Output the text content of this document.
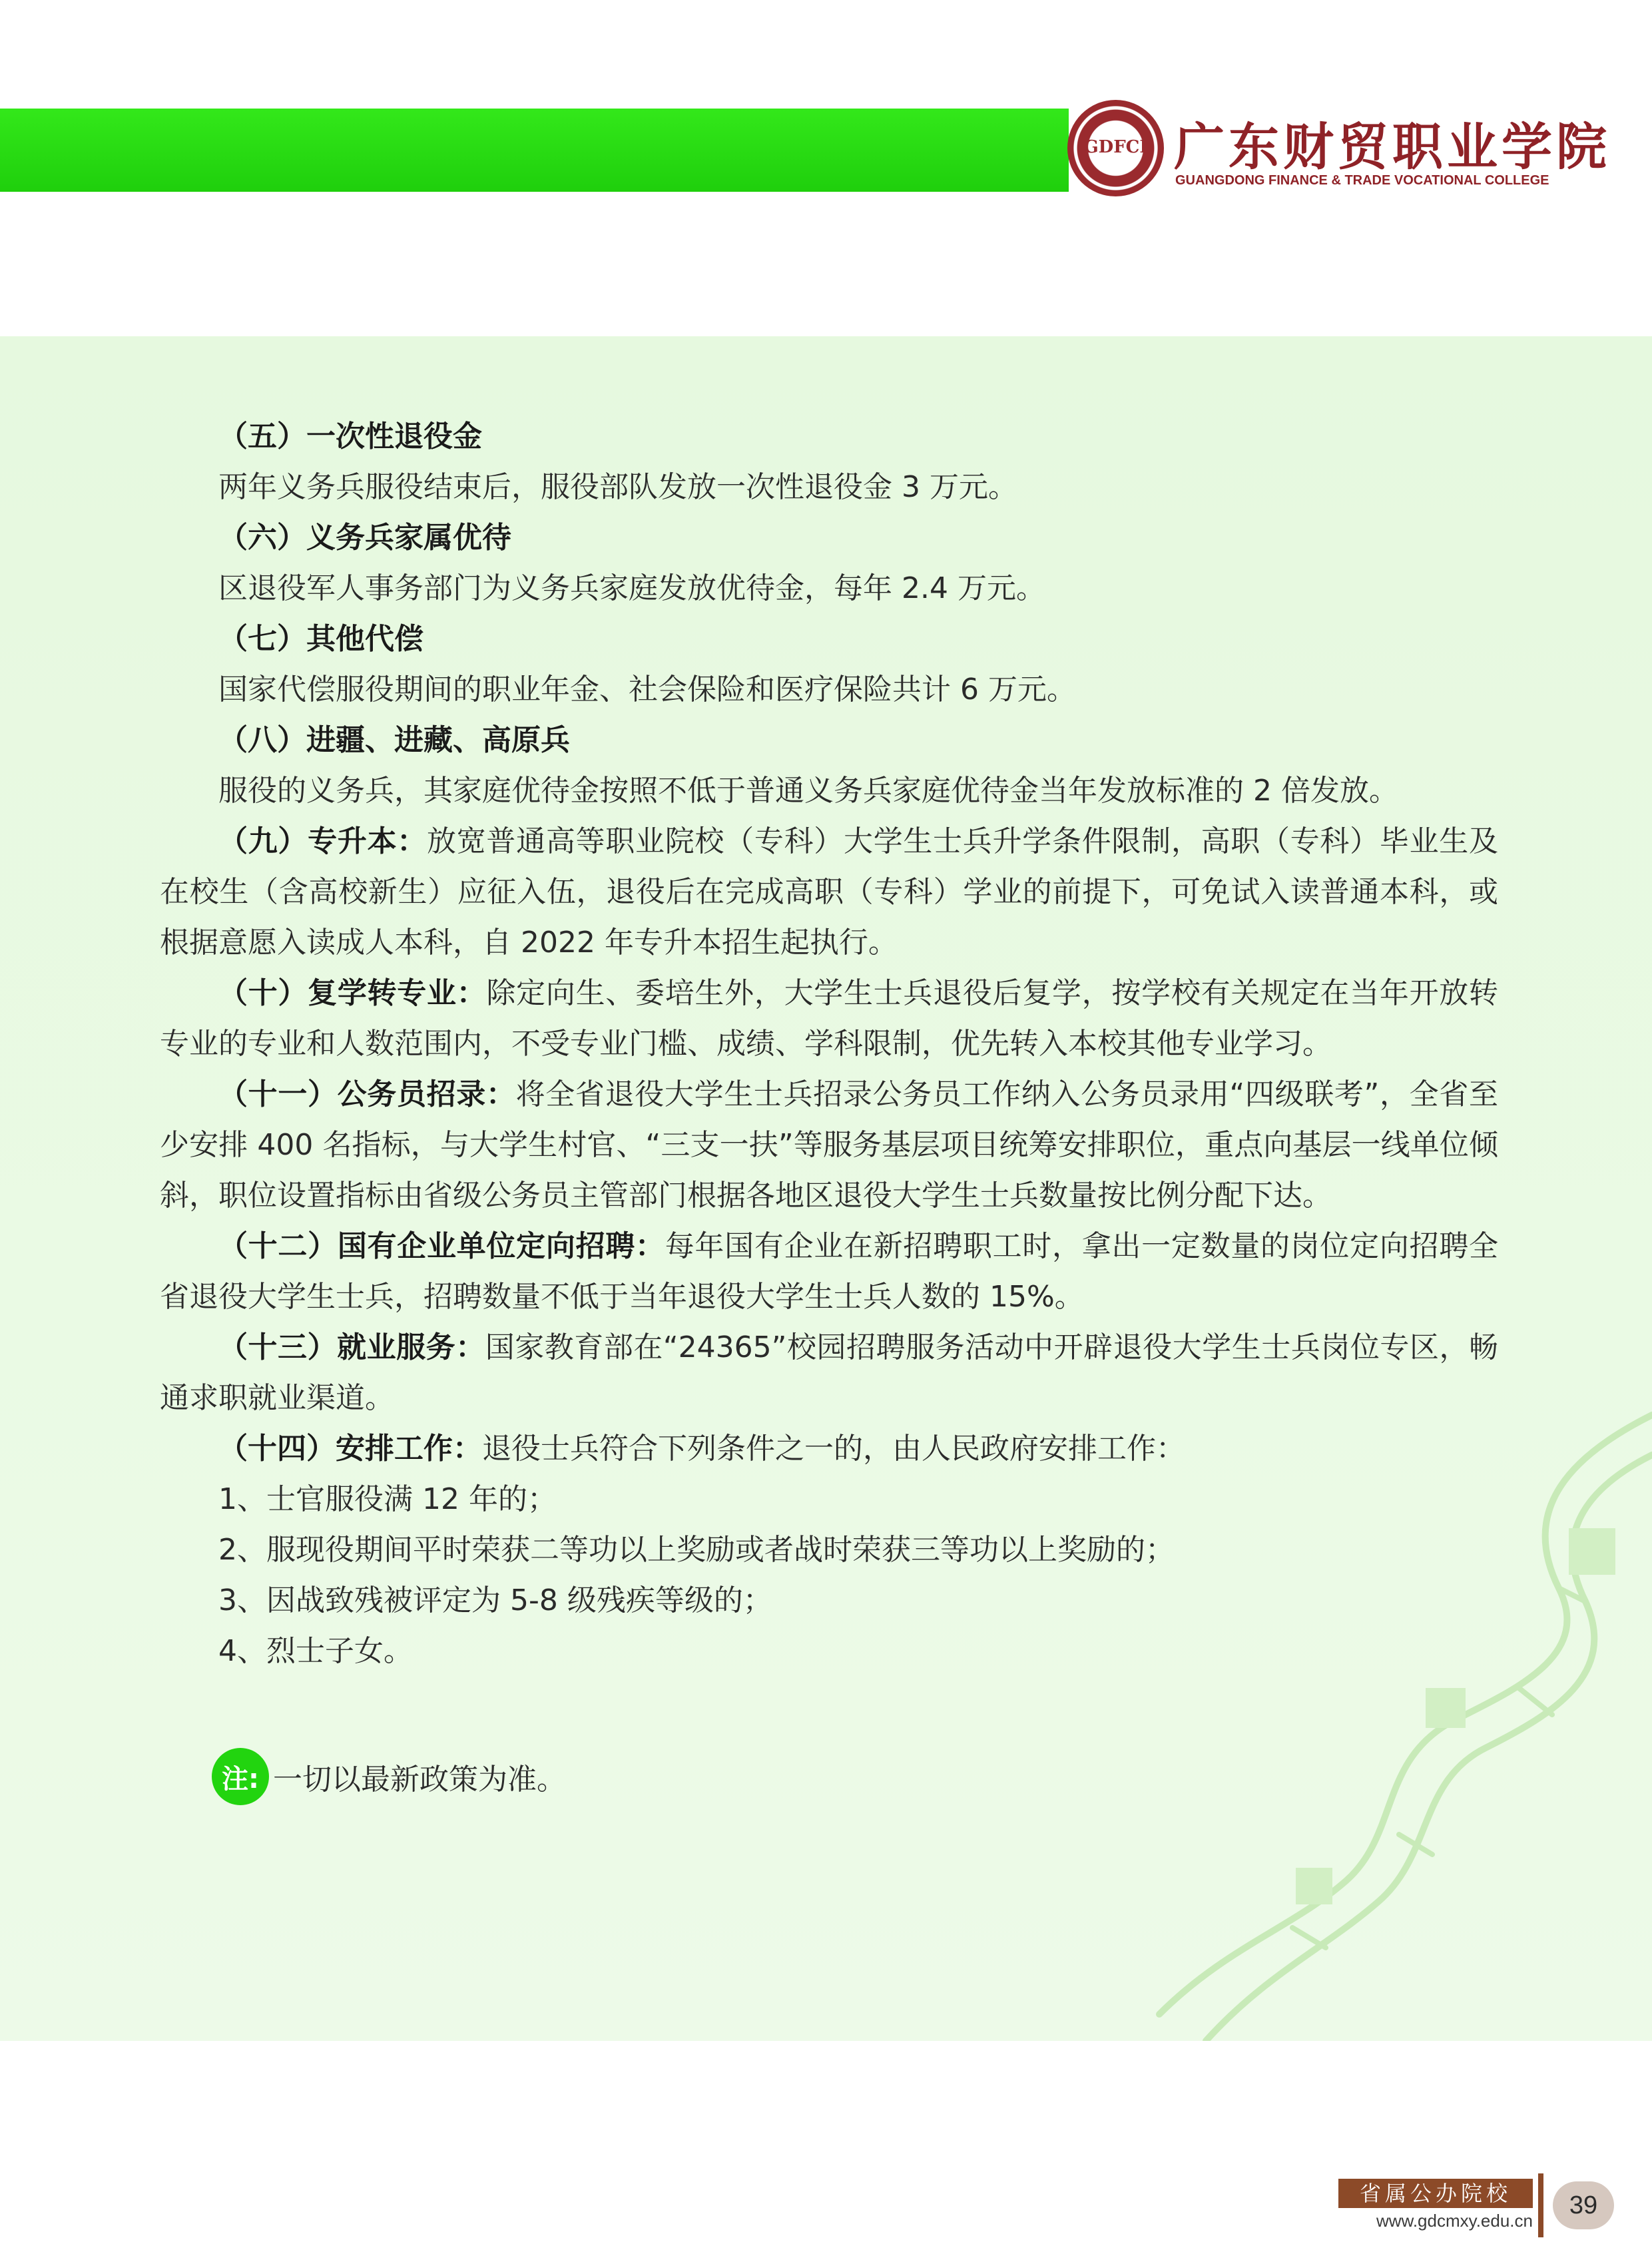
GDFCI 广东财贸职业学院
GUANGDONG FINANCE & TRADE VOCATIONAL COLLEGE

（五）一次性退役金

两年义务兵服役结束后，服役部队发放一次性退役金 3 万元。

（六）义务兵家属优待

区退役军人事务部门为义务兵家庭发放优待金，每年 2.4 万元。

（七）其他代偿

国家代偿服役期间的职业年金、社会保险和医疗保险共计 6 万元。

（八）进疆、进藏、高原兵

服役的义务兵，其家庭优待金按照不低于普通义务兵家庭优待金当年发放标准的 2 倍发放。

（九）专升本：放宽普通高等职业院校（专科）大学生士兵升学条件限制，高职（专科）毕业生及在校生（含高校新生）应征入伍，退役后在完成高职（专科）学业的前提下，可免试入读普通本科，或根据意愿入读成人本科，自 2022 年专升本招生起执行。

（十）复学转专业：除定向生、委培生外，大学生士兵退役后复学，按学校有关规定在当年开放转专业的专业和人数范围内，不受专业门槛、成绩、学科限制，优先转入本校其他专业学习。

（十一）公务员招录：将全省退役大学生士兵招录公务员工作纳入公务员录用“四级联考”，全省至少安排 400 名指标，与大学生村官、“三支一扶”等服务基层项目统筹安排职位，重点向基层一线单位倾斜，职位设置指标由省级公务员主管部门根据各地区退役大学生士兵数量按比例分配下达。

（十二）国有企业单位定向招聘：每年国有企业在新招聘职工时，拿出一定数量的岗位定向招聘全省退役大学生士兵，招聘数量不低于当年退役大学生士兵人数的 15%。

（十三）就业服务：国家教育部在“24365”校园招聘服务活动中开辟退役大学生士兵岗位专区，畅通求职就业渠道。

（十四）安排工作：退役士兵符合下列条件之一的，由人民政府安排工作：

1、士官服役满 12 年的；

2、服现役期间平时荣获二等功以上奖励或者战时荣获三等功以上奖励的；

3、因战致残被评定为 5-8 级残疾等级的；

4、烈士子女。

注: 一切以最新政策为准。
省属公办院校
www.gdcmxy.edu.cn
39
